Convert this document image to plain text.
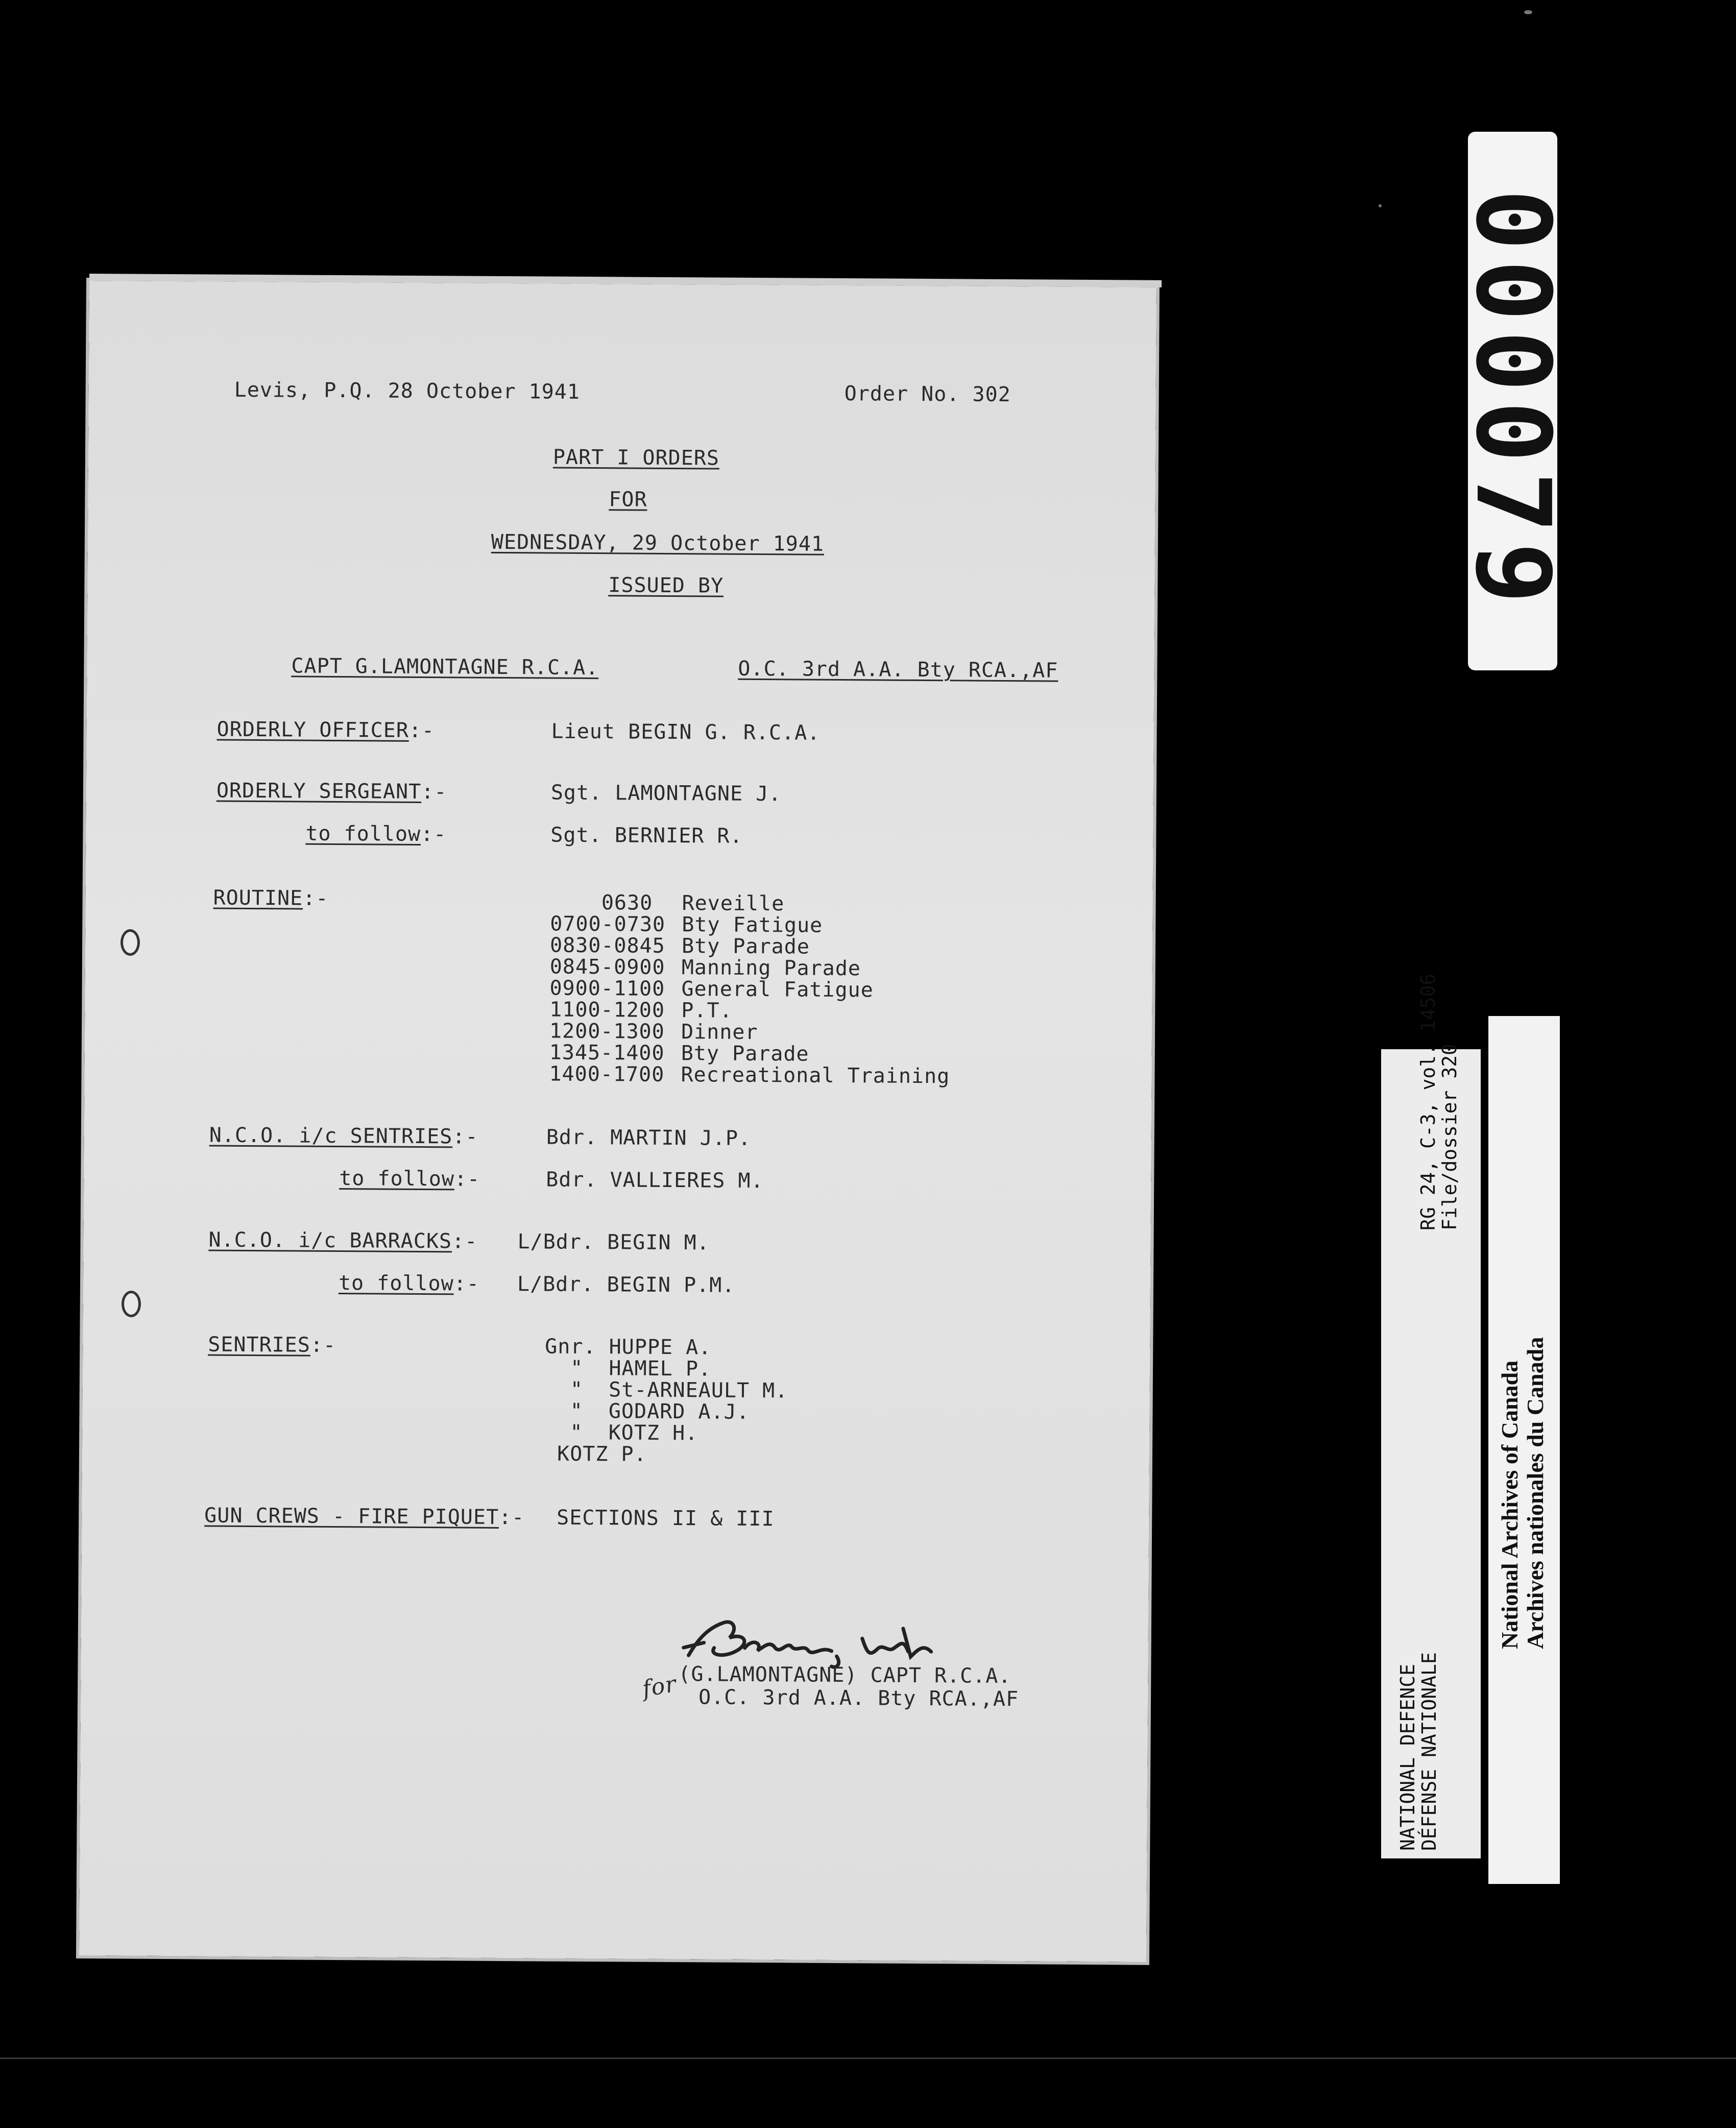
Levis, P.Q. 28 October 1941	Order No. 302
PART I ORDERS
FOR
WEDNESDAY, 29 October 1941
ISSUED BY
CAPT G.LAMONTAGNE R.C.A.	O.C. 3rd A.A. Bty RCA.,AF
ORDERLY OFFICER:-	Lieut BEGIN G. R.C.A.
ORDERLY SERGEANT:-	Sgt. LAMONTAGNE J.
to follow:-	Sgt. BERNIER R.
ROUTINE:-	0630 Reveille
0700-0730 Bty Fatigue
0830-0845 Bty Parade
0845-0900 Manning Parade
0900-1100 General Fatigue
1100-1200 P.T.
1200-1300 Dinner
1345-1400 Bty Parade
1400-1700 Recreational Training
N.C.O. i/c SENTRIES:-	Bdr. MARTIN J.P.
to follow:-	Bdr. VALLIERES M.
N.C.O. i/c BARRACKS:- L/Bdr. BEGIN M.
to follow:- L/Bdr. BEGIN P.M.
SENTRIES:-	Gnr. HUPPE A.
"  HAMEL P.
"  St-ARNEAULT M.
"  GODARD A.J.
"  KOTZ H.
KOTZ P.
GUN CREWS - FIRE PIQUET:- SECTIONS II & III
for (G.LAMONTAGNE) CAPT R.C.A.
O.C. 3rd A.A. Bty RCA.,AF
000079
RG 24, C-3, vol. 14506
File/dossier 320
NATIONAL DEFENCE
DÉFENSE NATIONALE
National Archives of Canada Archives nationales du Canada
